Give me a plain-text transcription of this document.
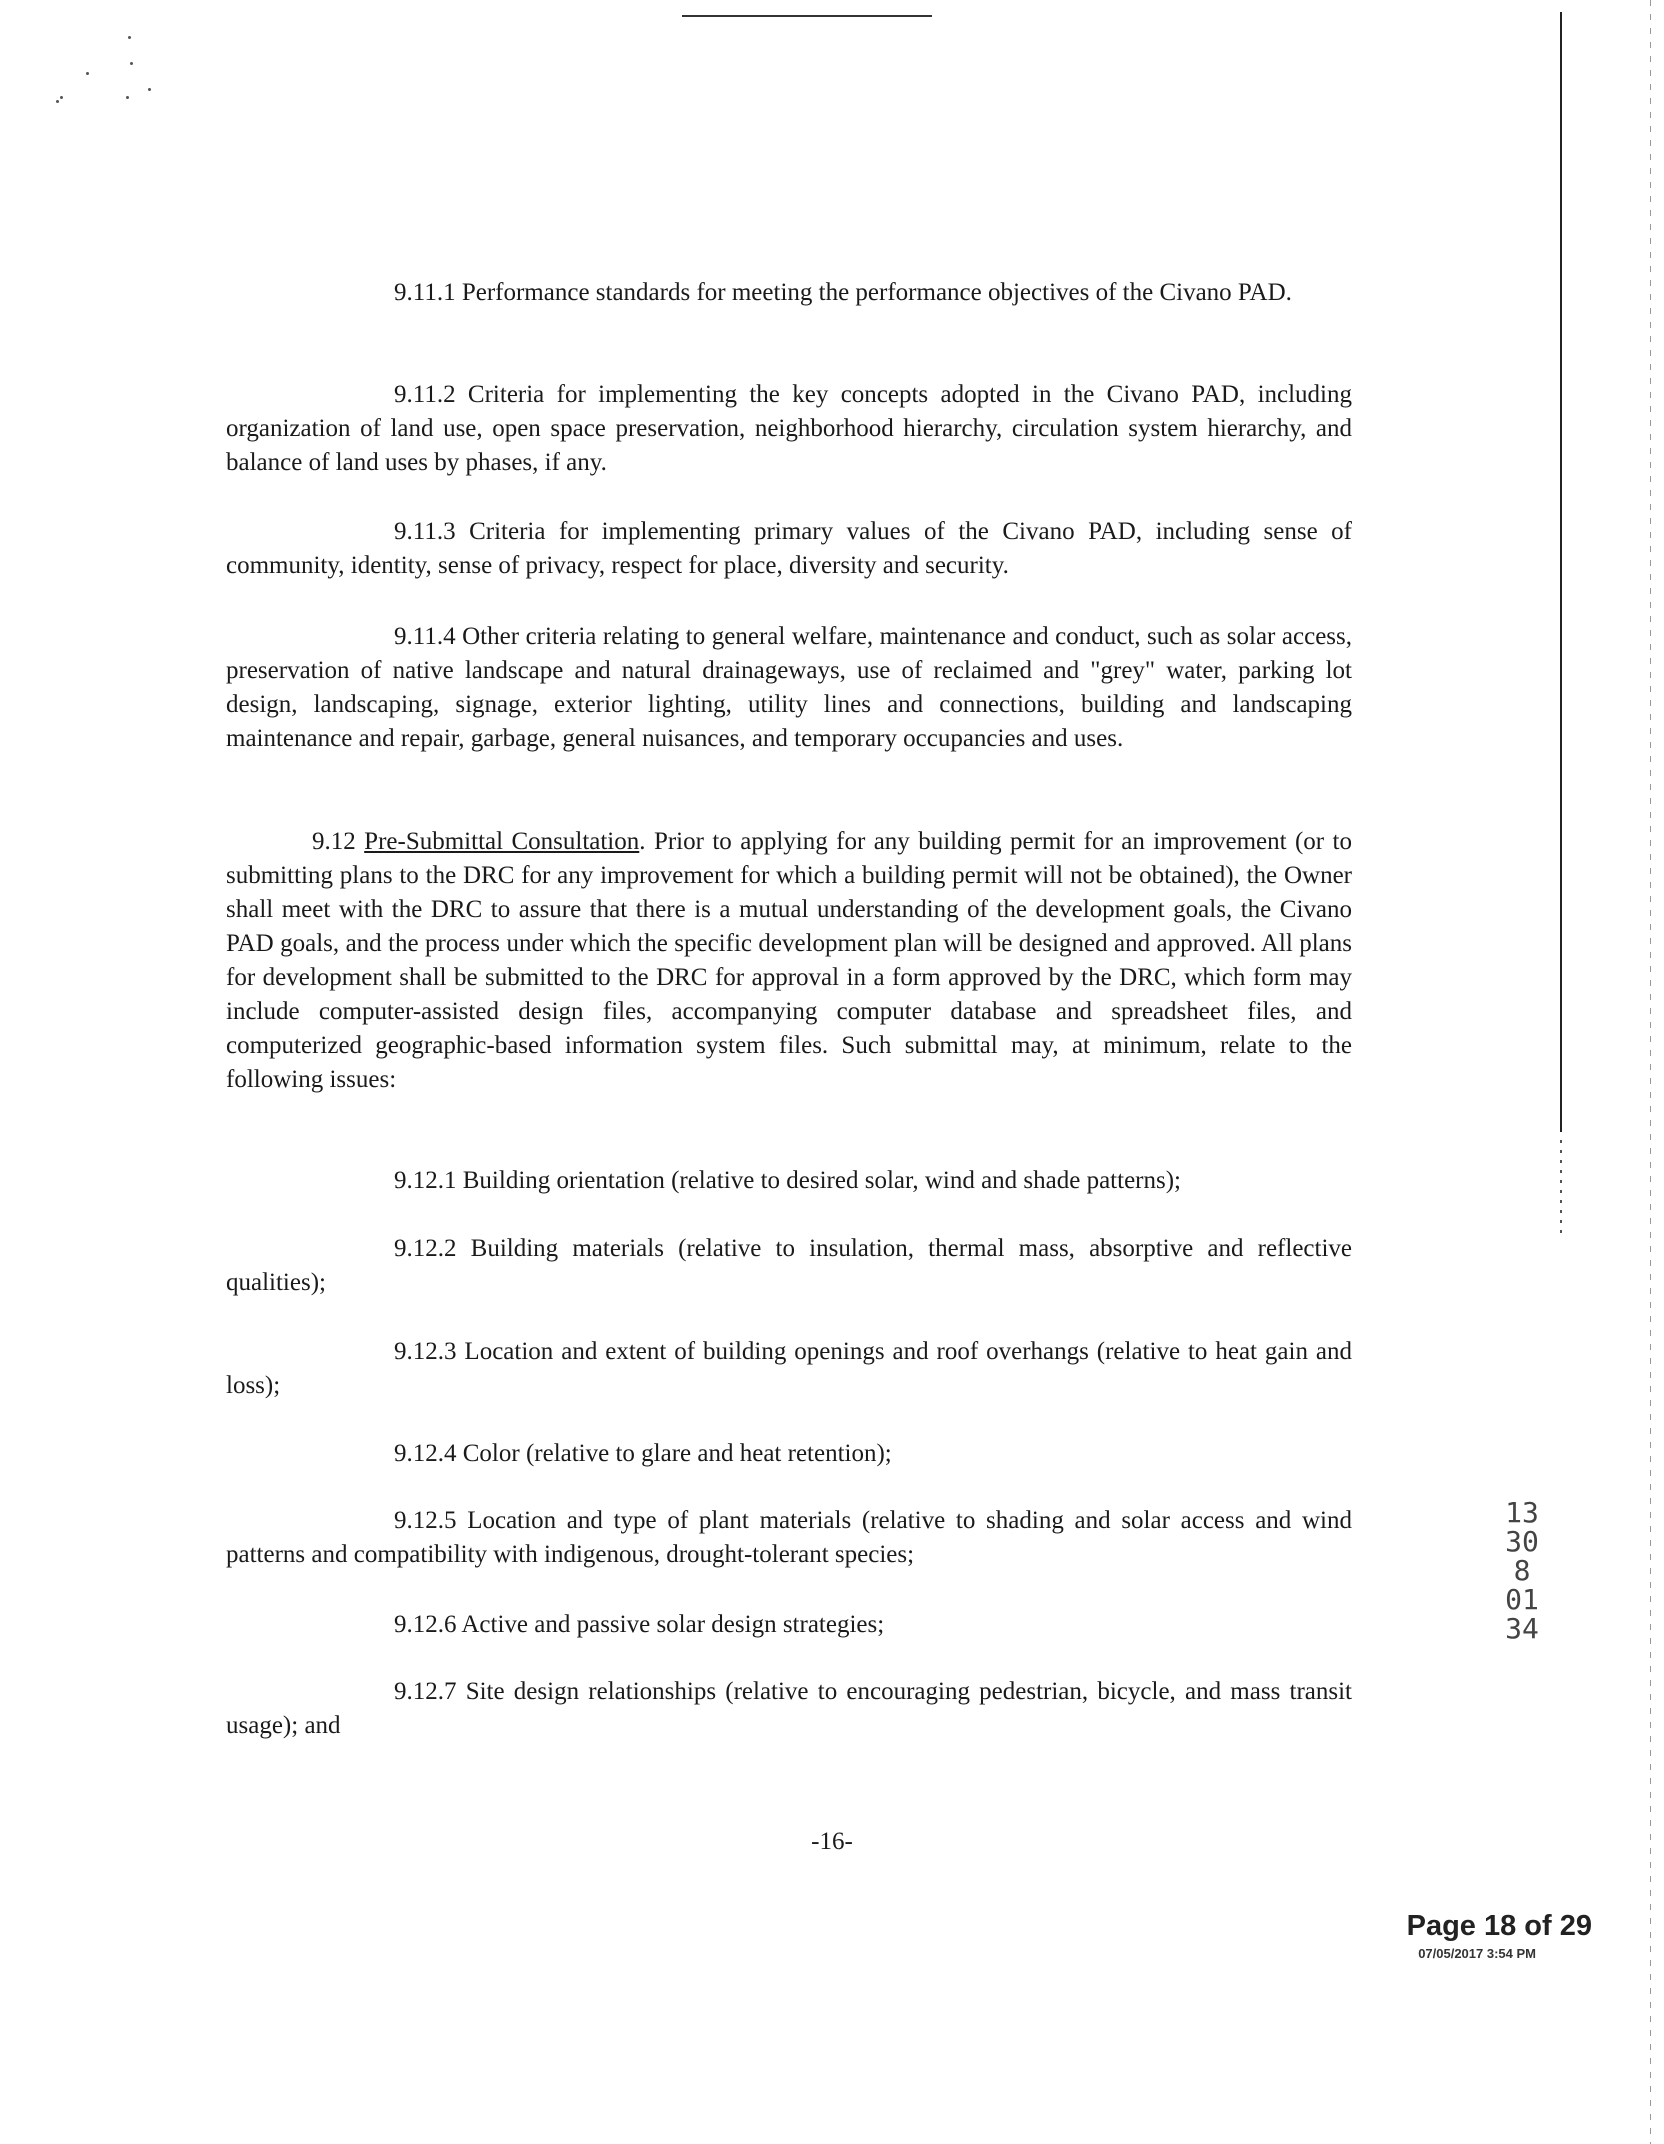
9.11.1 Performance standards for meeting the performance objectives of the Civano PAD.

9.11.2 Criteria for implementing the key concepts adopted in the Civano PAD, including organization of land use, open space preservation, neighborhood hierarchy, circulation system hierarchy, and balance of land uses by phases, if any.

9.11.3 Criteria for implementing primary values of the Civano PAD, including sense of community, identity, sense of privacy, respect for place, diversity and security.

9.11.4 Other criteria relating to general welfare, maintenance and conduct, such as solar access, preservation of native landscape and natural drainageways, use of reclaimed and "grey" water, parking lot design, landscaping, signage, exterior lighting, utility lines and connections, building and landscaping maintenance and repair, garbage, general nuisances, and temporary occupancies and uses.

9.12 Pre-Submittal Consultation. Prior to applying for any building permit for an improvement (or to submitting plans to the DRC for any improvement for which a building permit will not be obtained), the Owner shall meet with the DRC to assure that there is a mutual understanding of the development goals, the Civano PAD goals, and the process under which the specific development plan will be designed and approved. All plans for development shall be submitted to the DRC for approval in a form approved by the DRC, which form may include computer-assisted design files, accompanying computer database and spreadsheet files, and computerized geographic-based information system files. Such submittal may, at minimum, relate to the following issues:

9.12.1 Building orientation (relative to desired solar, wind and shade patterns);

9.12.2 Building materials (relative to insulation, thermal mass, absorptive and reflective qualities);

9.12.3 Location and extent of building openings and roof overhangs (relative to heat gain and loss);

9.12.4 Color (relative to glare and heat retention);

9.12.5 Location and type of plant materials (relative to shading and solar access and wind patterns and compatibility with indigenous, drought-tolerant species;

9.12.6 Active and passive solar design strategies;

9.12.7 Site design relationships (relative to encouraging pedestrian, bicycle, and mass transit usage); and

-16-
13308 0134
Page 18 of 29
07/05/2017 3:54 PM
